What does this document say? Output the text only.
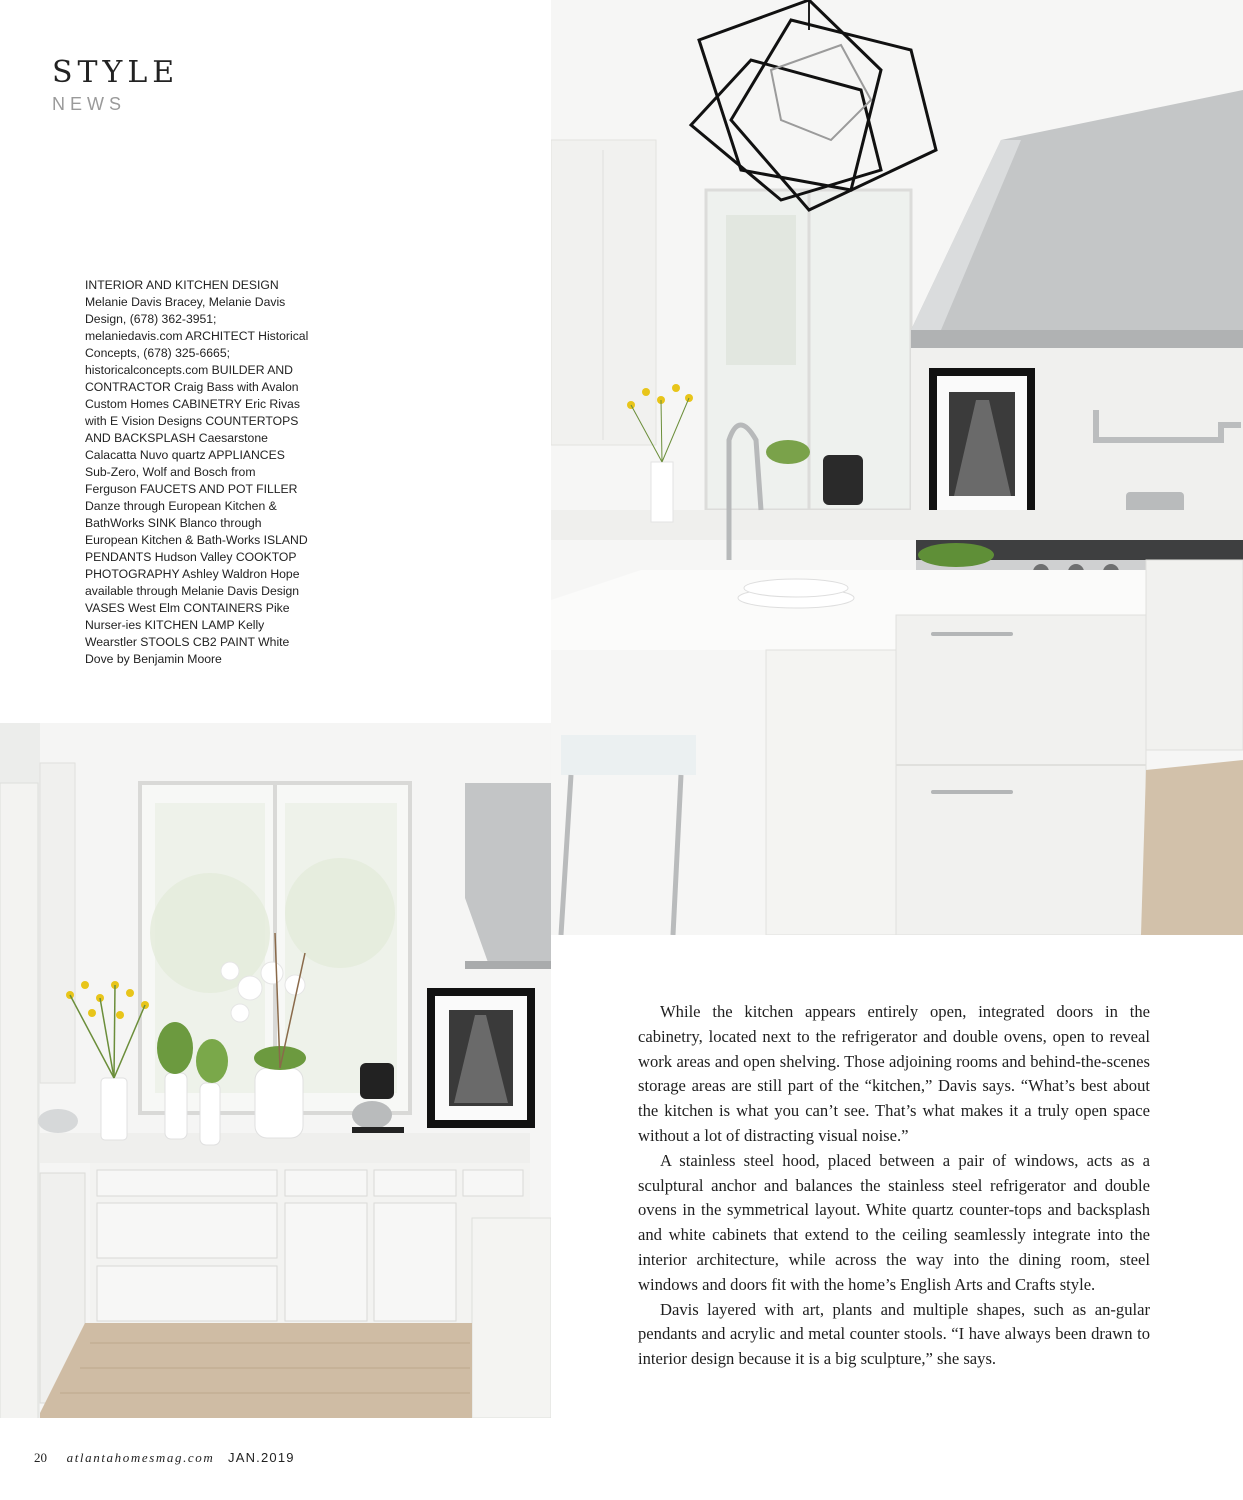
STYLE
NEWS
INTERIOR AND KITCHEN DESIGN Melanie Davis Bracey, Melanie Davis Design, (678) 362-3951; melaniedavis.com ARCHITECT Historical Concepts, (678) 325-6665; historicalconcepts.com BUILDER AND CONTRACTOR Craig Bass with Avalon Custom Homes CABINETRY Eric Rivas with E Vision Designs COUNTERTOPS AND BACKSPLASH Caesarstone Calacatta Nuvo quartz APPLIANCES Sub-Zero, Wolf and Bosch from Ferguson FAUCETS AND POT FILLER Danze through European Kitchen & BathWorks SINK Blanco through European Kitchen & Bath-Works ISLAND PENDANTS Hudson Valley COOKTOP PHOTOGRAPHY Ashley Waldron Hope available through Melanie Davis Design VASES West Elm CONTAINERS Pike Nurser-ies KITCHEN LAMP Kelly Wearstler STOOLS CB2 PAINT White Dove by Benjamin Moore

While the kitchen appears entirely open, integrated doors in the cabinetry, located next to the refrigerator and double ovens, open to reveal work areas and open shelving. Those adjoining rooms and behind-the-scenes storage areas are still part of the “kitchen,” Davis says. “What’s best about the kitchen is what you can’t see. That’s what makes it a truly open space without a lot of distracting visual noise.”

A stainless steel hood, placed between a pair of windows, acts as a sculptural anchor and balances the stainless steel refrigerator and double ovens in the symmetrical layout. White quartz counter-tops and backsplash and white cabinets that extend to the ceiling seamlessly integrate into the interior architecture, while across the way into the dining room, steel windows and doors fit with the home’s English Arts and Crafts style.

Davis layered with art, plants and multiple shapes, such as an-gular pendants and acrylic and metal counter stools. “I have always been drawn to interior design because it is a big sculpture,” she says.

20 atlantahomesmag.com JAN.2019
